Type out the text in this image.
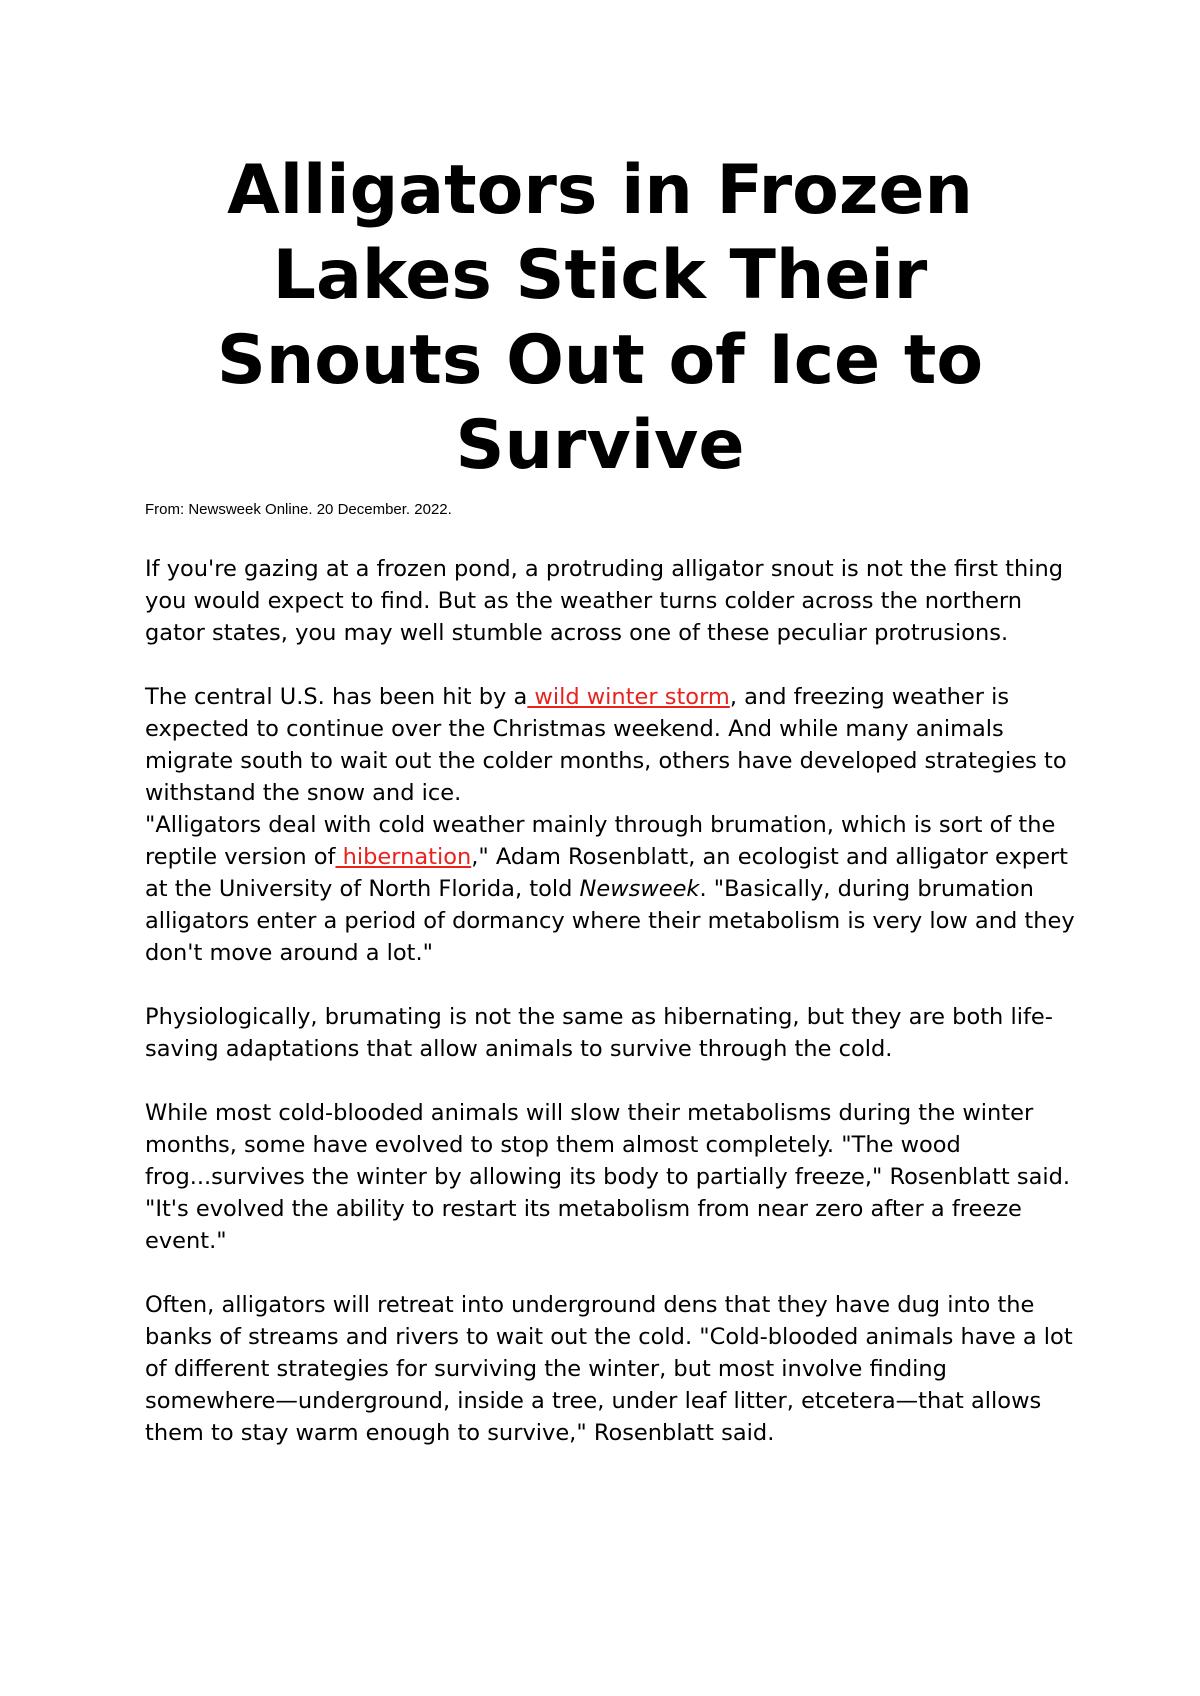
Alligators in Frozen Lakes Stick Their Snouts Out of Ice to Survive

From: Newsweek Online. 20 December. 2022.

If you're gazing at a frozen pond, a protruding alligator snout is not the first thing you would expect to find. But as the weather turns colder across the northern gator states, you may well stumble across one of these peculiar protrusions.

The central U.S. has been hit by a wild winter storm, and freezing weather is expected to continue over the Christmas weekend. And while many animals migrate south to wait out the colder months, others have developed strategies to withstand the snow and ice.

"Alligators deal with cold weather mainly through brumation, which is sort of the reptile version of hibernation," Adam Rosenblatt, an ecologist and alligator expert at the University of North Florida, told Newsweek. "Basically, during brumation alligators enter a period of dormancy where their metabolism is very low and they don't move around a lot."

Physiologically, brumating is not the same as hibernating, but they are both life-saving adaptations that allow animals to survive through the cold.

While most cold-blooded animals will slow their metabolisms during the winter months, some have evolved to stop them almost completely. "The wood frog...survives the winter by allowing its body to partially freeze," Rosenblatt said. "It's evolved the ability to restart its metabolism from near zero after a freeze event."

Often, alligators will retreat into underground dens that they have dug into the banks of streams and rivers to wait out the cold. "Cold-blooded animals have a lot of different strategies for surviving the winter, but most involve finding somewhere—underground, inside a tree, under leaf litter, etcetera—that allows them to stay warm enough to survive," Rosenblatt said.
